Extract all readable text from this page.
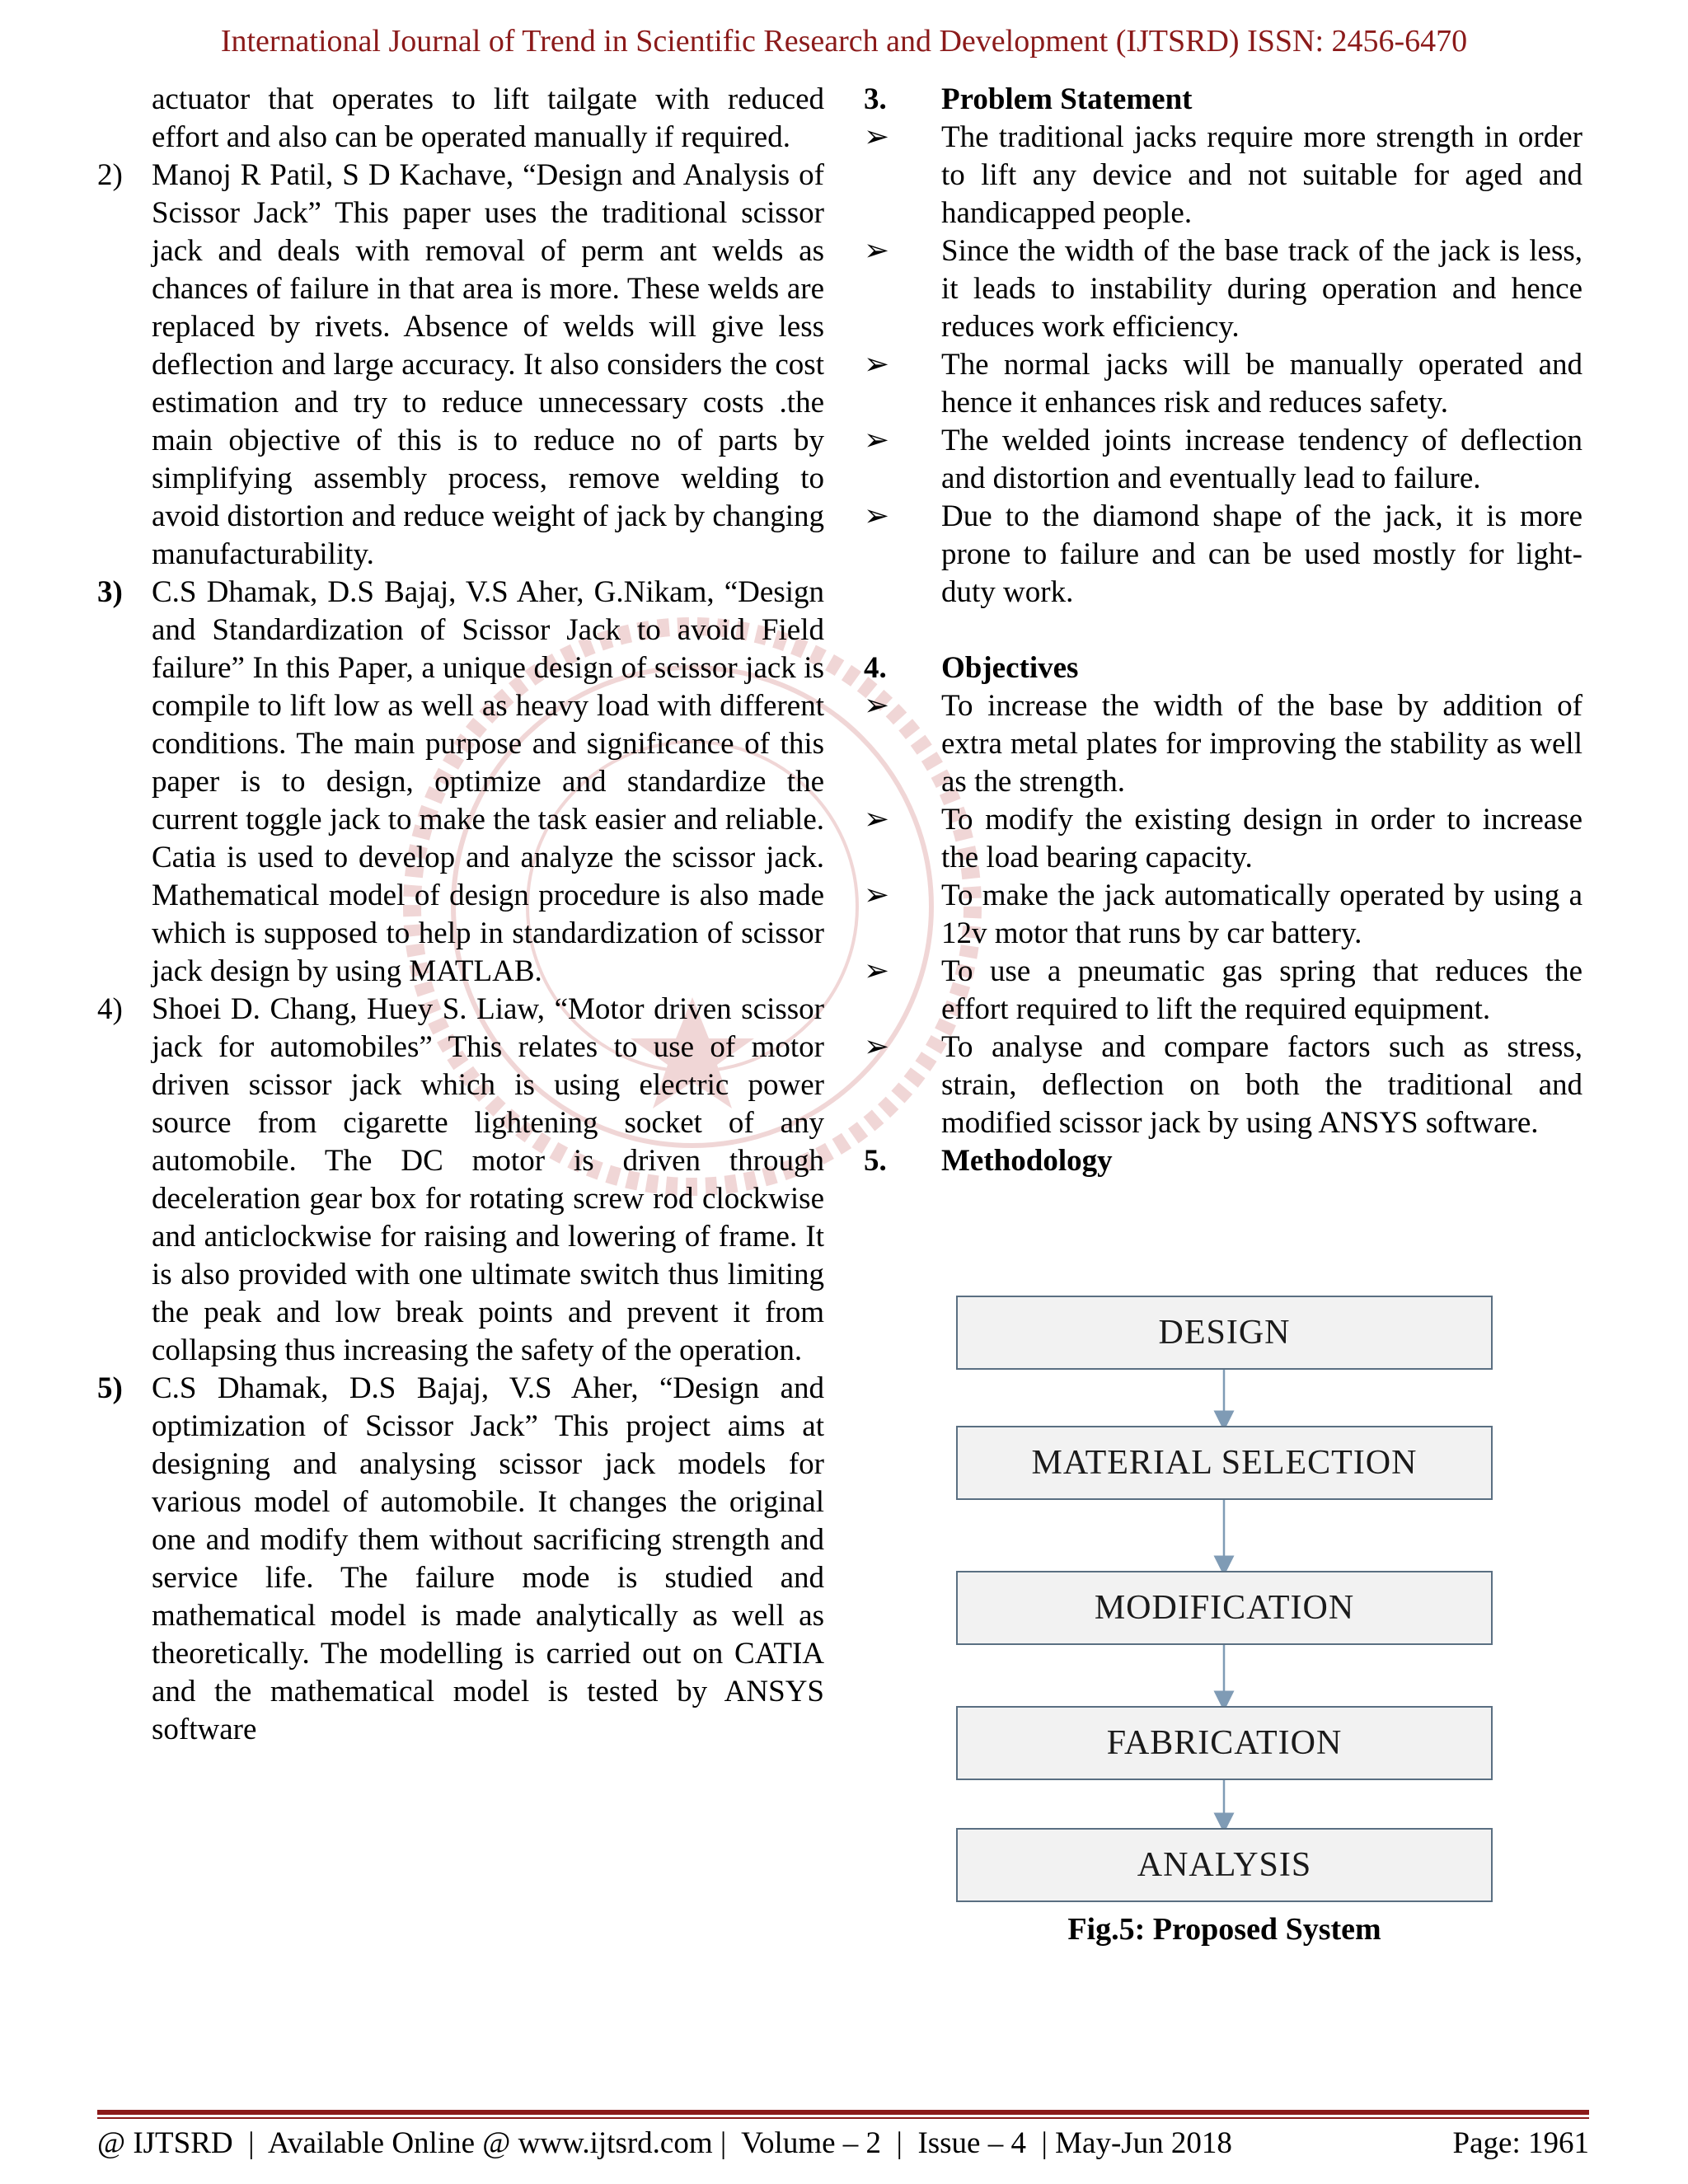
International Journal of Trend in Scientific Research and Development (IJTSRD) ISSN: 2456-6470
actuator that operates to lift tailgate with reduced effort and also can be operated manually if required.
2) Manoj R Patil, S D Kachave, “Design and Analysis of Scissor Jack” This paper uses the traditional scissor jack and deals with removal of perm ant welds as chances of failure in that area is more. These welds are replaced by rivets. Absence of welds will give less deflection and large accuracy. It also considers the cost estimation and try to reduce unnecessary costs .the main objective of this is to reduce no of parts by simplifying assembly process, remove welding to avoid distortion and reduce weight of jack by changing manufacturability.
3) C.S Dhamak, D.S Bajaj, V.S Aher, G.Nikam, “Design and Standardization of Scissor Jack to avoid Field failure” In this Paper, a unique design of scissor jack is compile to lift low as well as heavy load with different conditions. The main purpose and significance of this paper is to design, optimize and standardize the current toggle jack to make the task easier and reliable. Catia is used to develop and analyze the scissor jack. Mathematical model of design procedure is also made which is supposed to help in standardization of scissor jack design by using MATLAB.
4) Shoei D. Chang, Huey S. Liaw, “Motor driven scissor jack for automobiles” This relates to use of motor driven scissor jack which is using electric power source from cigarette lightening socket of any automobile. The DC motor is driven through deceleration gear box for rotating screw rod clockwise and anticlockwise for raising and lowering of frame. It is also provided with one ultimate switch thus limiting the peak and low break points and prevent it from collapsing thus increasing the safety of the operation.
5) C.S Dhamak, D.S Bajaj, V.S Aher, “Design and optimization of Scissor Jack” This project aims at designing and analysing scissor jack models for various model of automobile. It changes the original one and modify them without sacrificing strength and service life. The failure mode is studied and mathematical model is made analytically as well as theoretically. The modelling is carried out on CATIA and the mathematical model is tested by ANSYS software
3. Problem Statement
➢ The traditional jacks require more strength in order to lift any device and not suitable for aged and handicapped people.
➢ Since the width of the base track of the jack is less, it leads to instability during operation and hence reduces work efficiency.
➢ The normal jacks will be manually operated and hence it enhances risk and reduces safety.
➢ The welded joints increase tendency of deflection and distortion and eventually lead to failure.
➢ Due to the diamond shape of the jack, it is more prone to failure and can be used mostly for light-duty work.
4. Objectives
➢ To increase the width of the base by addition of extra metal plates for improving the stability as well as the strength.
➢ To modify the existing design in order to increase the load bearing capacity.
➢ To make the jack automatically operated by using a 12v motor that runs by car battery.
➢ To use a pneumatic gas spring that reduces the effort required to lift the required equipment.
➢ To analyse and compare factors such as stress, strain, deflection on both the traditional and modified scissor jack by using ANSYS software.
5. Methodology
DESIGN
MATERIAL SELECTION
MODIFICATION
FABRICATION
ANALYSIS
Fig.5: Proposed System
@ IJTSRD  |  Available Online @ www.ijtsrd.com |  Volume – 2  |  Issue – 4  | May-Jun 2018	Page: 1961
